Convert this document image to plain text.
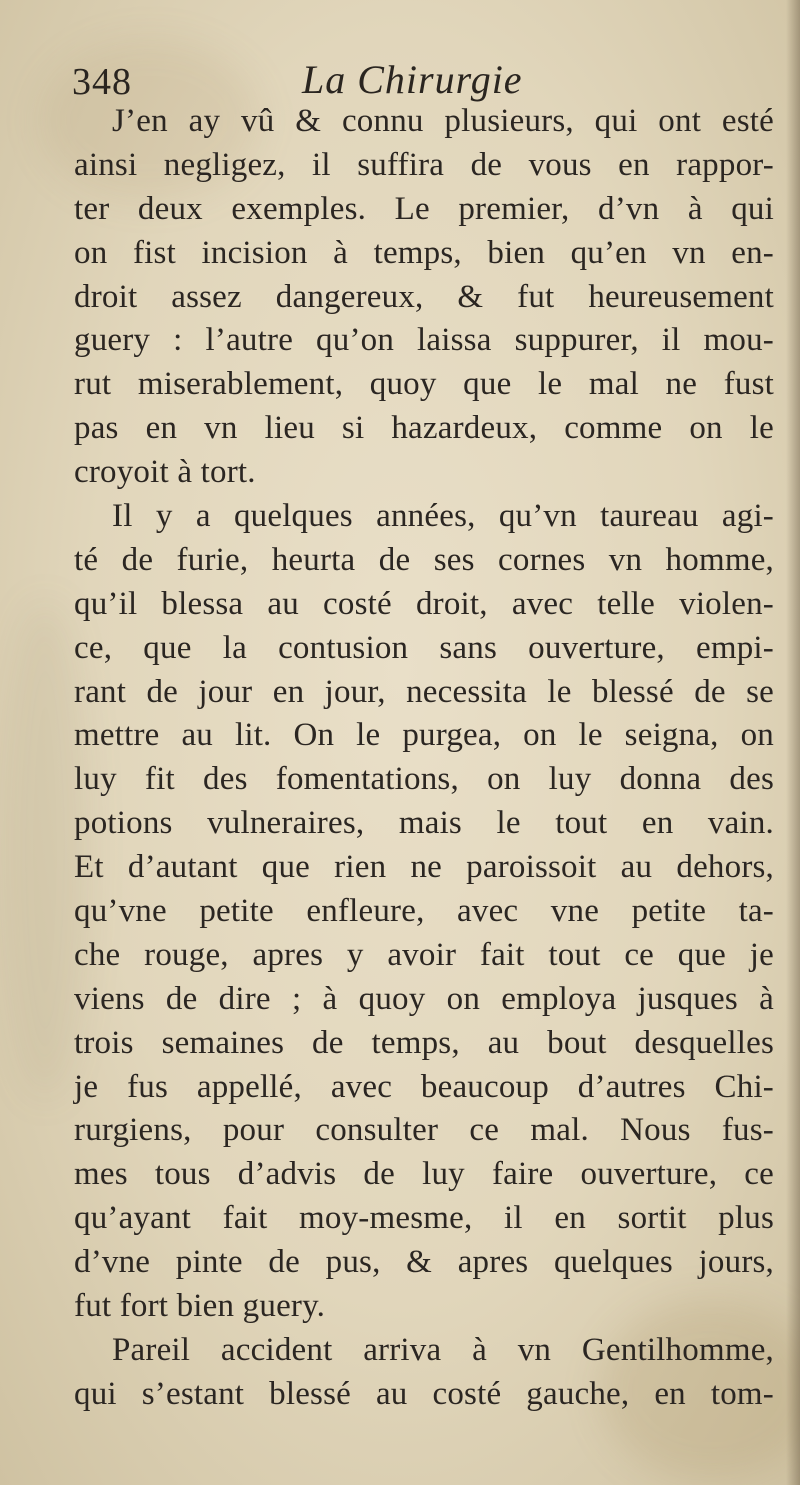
348	La Chirurgie
J’en ay vû & connu plusieurs, qui ont esté
ainsi negligez, il suffira de vous en rappor-
ter deux exemples. Le premier, d’vn à qui
on fist incision à temps, bien qu’en vn en-
droit assez dangereux, & fut heureusement
guery : l’autre qu’on laissa suppurer, il mou-
rut miserablement, quoy que le mal ne fust
pas en vn lieu si hazardeux, comme on le
croyoit à tort.
Il y a quelques années, qu’vn taureau agi-
té de furie, heurta de ses cornes vn homme,
qu’il blessa au costé droit, avec telle violen-
ce, que la contusion sans ouverture, empi-
rant de jour en jour, necessita le blessé de se
mettre au lit. On le purgea, on le seigna, on
luy fit des fomentations, on luy donna des
potions vulneraires, mais le tout en vain.
Et d’autant que rien ne paroissoit au dehors,
qu’vne petite enfleure, avec vne petite ta-
che rouge, apres y avoir fait tout ce que je
viens de dire ; à quoy on employa jusques à
trois semaines de temps, au bout desquelles
je fus appellé, avec beaucoup d’autres Chi-
rurgiens, pour consulter ce mal. Nous fus-
mes tous d’advis de luy faire ouverture, ce
qu’ayant fait moy-mesme, il en sortit plus
d’vne pinte de pus, & apres quelques jours,
fut fort bien guery.
Pareil accident arriva à vn Gentilhomme,
qui s’estant blessé au costé gauche, en tom-
